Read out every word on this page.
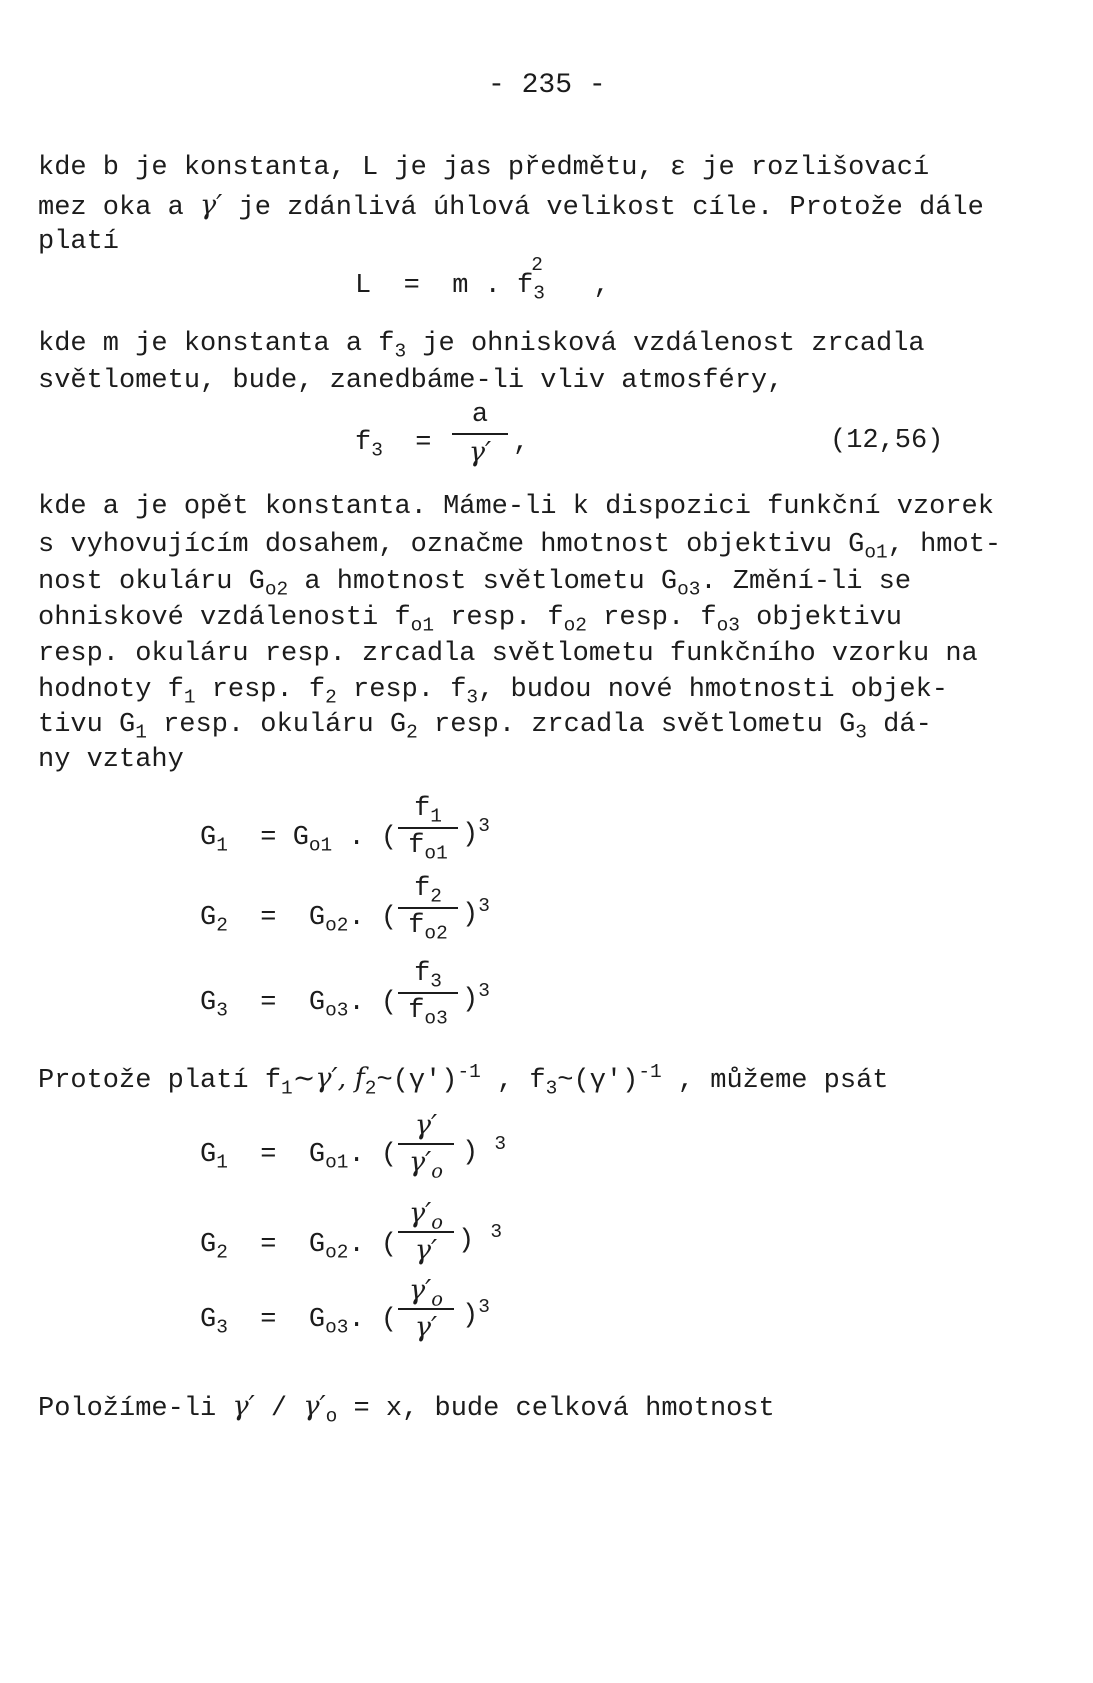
- 235 -
kde b je konstanta, L je jas předmětu, ε je rozlišovací
mez oka a γ′ je zdánlivá úhlová velikost cíle. Protože dále
platí
L = m . $f_3$
2
,
kde m je konstanta a $f_3$ je ohnisková vzdálenost zrcadla
světlometu, bude, zanedbáme-li vliv atmosféry,
$f_3$ =
a
γ′ ,	(12,56)
kde a je opět konstanta. Máme-li k dispozici funkční vzorek
s vyhovujícím dosahem, označme hmotnost objektivu $G_{o1}$, hmot-
nost okuláru $G_{o2}$ a hmotnost světlometu $G_{o3}$. Změní-li se
ohniskové vzdálenosti $f_{o1}$ resp. $f_{o2}$ resp. $f_{o3}$ objektivu
resp. okuláru resp. zrcadla světlometu funkčního vzorku na
hodnoty $f_1$ resp. $f_2$ resp. $f_3$, budou nové hmotnosti objek-
tivu $G_1$ resp. okuláru $G_2$ resp. zrcadla světlometu $G_3$ dá-
ny vztahy
$G_1 = G_{o1}$ . (
$f_1$
$f_{o1}$
)$^3$
$G_2 = G_{o2}$. (
$f_2$
$f_{o2}$
)$^3$
$G_3 = G_{o3}$. (
$f_3$
$f_{o3}$
)$^3$
Protože platí $f_1\sim\gamma'$, $f_2\sim(\gamma')^{-1}$ , $f_3\sim(\gamma')^{-1}$ , můžeme psát
$G_1 = G_{o1}$. (
γ′
$\gamma'_o$
) $^3$
$G_2 = G_{o2}$. (
$\gamma'_o$
γ′ ) $^3$
$G_3 = G_{o3}$. (
$\gamma'_o$
γ′ )$^3$
Položíme-li $\gamma' / \gamma'_o = x$, bude celková hmotnost
